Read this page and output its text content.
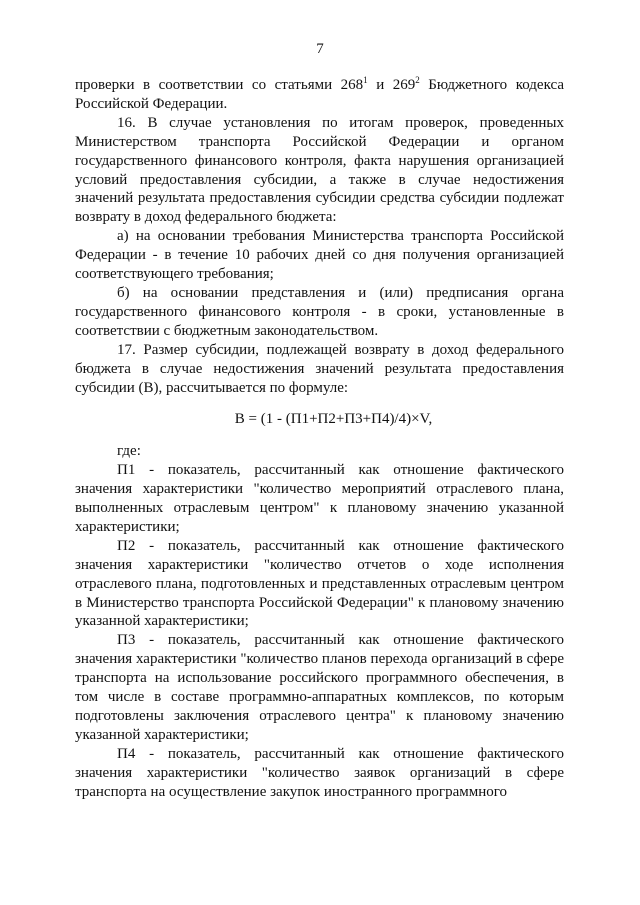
7

проверки в соответствии со статьями $268^1$ и $269^2$ Бюджетного кодекса Российской Федерации.

16. В случае установления по итогам проверок, проведенных Министерством транспорта Российской Федерации и органом государственного финансового контроля, факта нарушения организацией условий предоставления субсидии, а также в случае недостижения значений результата предоставления субсидии средства субсидии подлежат возврату в доход федерального бюджета:

а) на основании требования Министерства транспорта Российской Федерации - в течение 10 рабочих дней со дня получения организацией соответствующего требования;

б) на основании представления и (или) предписания органа государственного финансового контроля - в сроки, установленные в соответствии с бюджетным законодательством.

17. Размер субсидии, подлежащей возврату в доход федерального бюджета в случае недостижения значений результата предоставления субсидии (В), рассчитывается по формуле:

В = (1 - (П1+П2+П3+П4)/4)×V,

где:

П1 - показатель, рассчитанный как отношение фактического значения характеристики "количество мероприятий отраслевого плана, выполненных отраслевым центром" к плановому значению указанной характеристики;

П2 - показатель, рассчитанный как отношение фактического значения характеристики "количество отчетов о ходе исполнения отраслевого плана, подготовленных и представленных отраслевым центром в Министерство транспорта Российской Федерации" к плановому значению указанной характеристики;

П3 - показатель, рассчитанный как отношение фактического значения характеристики "количество планов перехода организаций в сфере транспорта на использование российского программного обеспечения, в том числе в составе программно-аппаратных комплексов, по которым подготовлены заключения отраслевого центра" к плановому значению указанной характеристики;

П4 - показатель, рассчитанный как отношение фактического значения характеристики "количество заявок организаций в сфере транспорта на осуществление закупок иностранного программного
